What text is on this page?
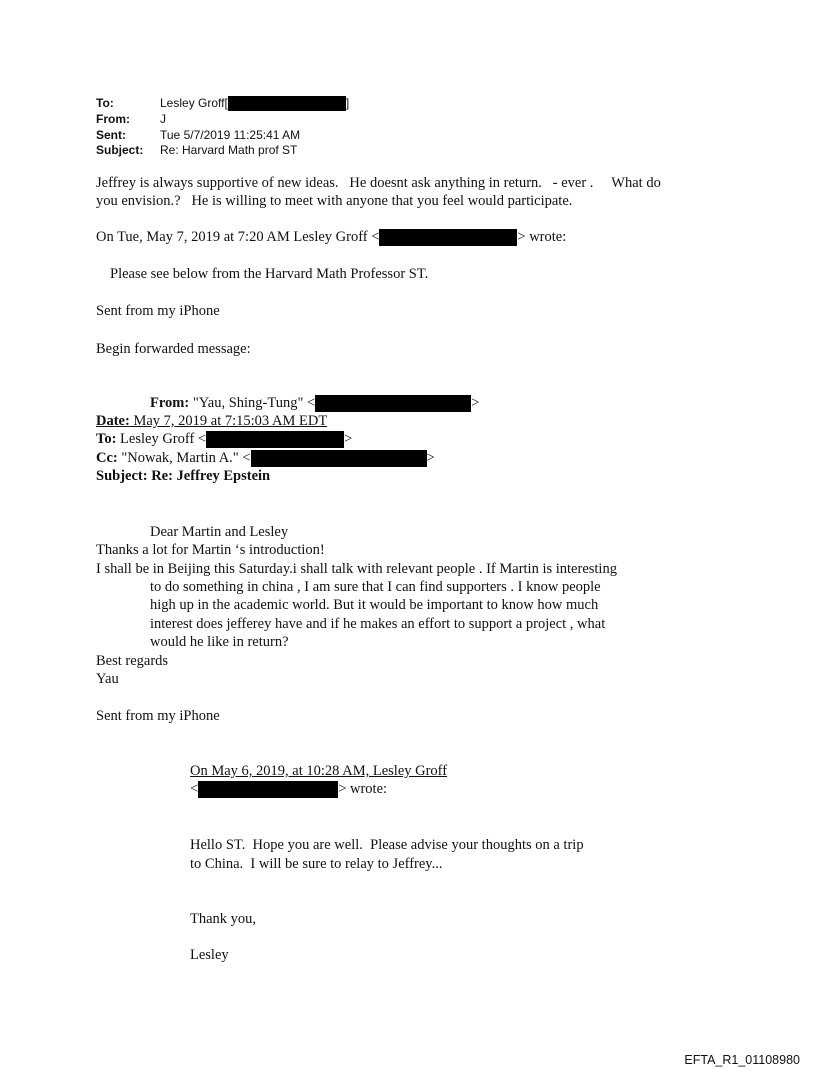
To:	Lesley Groff[	]
From:	J
Sent:	Tue 5/7/2019 11:25:41 AM
Subject: Re: Harvard Math prof ST
Jeffrey is always supportive of new ideas.   He doesnt ask anything in return.   - ever .     What do
you envision.?   He is willing to meet with anyone that you feel would participate.
On Tue, May 7, 2019 at 7:20 AM Lesley Groff <	> wrote:
Please see below from the Harvard Math Professor ST.
Sent from my iPhone
Begin forwarded message:
From: "Yau, Shing-Tung" <	>
Date: May 7, 2019 at 7:15:03 AM EDT
To: Lesley Groff <	>
Cc: "Nowak, Martin A." <	>
Subject: Re: Jeffrey Epstein
Dear Martin and Lesley
Thanks a lot for Martin ‘s introduction!
I shall be in Beijing this Saturday.i shall talk with relevant people . If Martin is interesting
to do something in china , I am sure that I can find supporters . I know people
high up in the academic world. But it would be important to know how much
interest does jefferey have and if he makes an effort to support a project , what
would he like in return?
Best regards
Yau
Sent from my iPhone
On May 6, 2019, at 10:28 AM, Lesley Groff
<	> wrote:
Hello ST.  Hope you are well.  Please advise your thoughts on a trip
to China.  I will be sure to relay to Jeffrey...
Thank you,
Lesley
EFTA_R1_01108980
